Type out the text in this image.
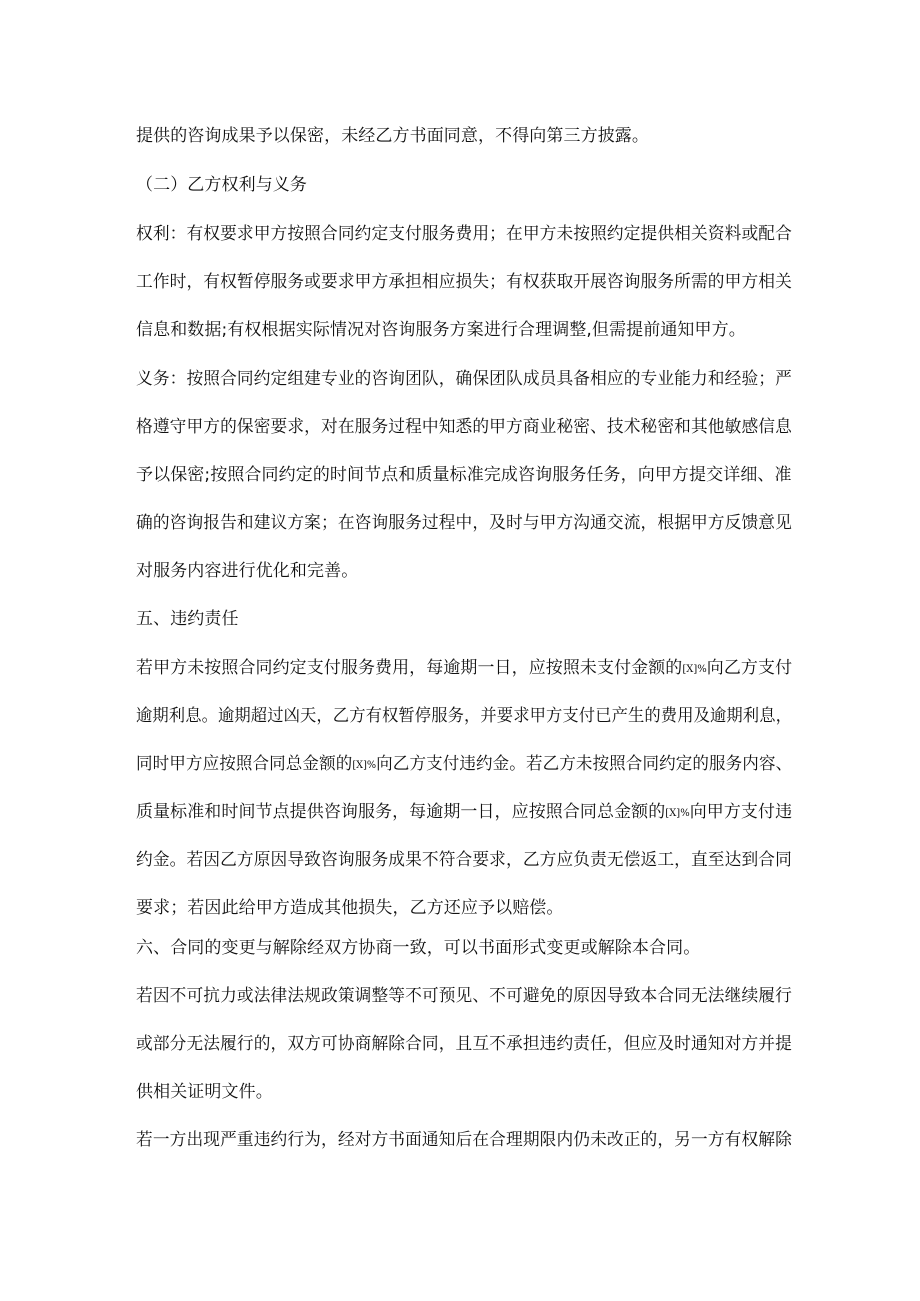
提供的咨询成果予以保密，未经乙方书面同意，不得向第三方披露。
（二）乙方权利与义务
权利：有权要求甲方按照合同约定支付服务费用；在甲方未按照约定提供相关资料或配合
工作时，有权暂停服务或要求甲方承担相应损失；有权获取开展咨询服务所需的甲方相关
信息和数据;有权根据实际情况对咨询服务方案进行合理调整,但需提前通知甲方。
义务：按照合同约定组建专业的咨询团队，确保团队成员具备相应的专业能力和经验；严
格遵守甲方的保密要求，对在服务过程中知悉的甲方商业秘密、技术秘密和其他敏感信息
予以保密;按照合同约定的时间节点和质量标准完成咨询服务任务，向甲方提交详细、准
确的咨询报告和建议方案；在咨询服务过程中，及时与甲方沟通交流，根据甲方反馈意见
对服务内容进行优化和完善。
五、违约责任
若甲方未按照合同约定支付服务费用，每逾期一日，应按照未支付金额的[X]%向乙方支付
逾期利息。逾期超过凶天，乙方有权暂停服务，并要求甲方支付已产生的费用及逾期利息，
同时甲方应按照合同总金额的[X]%向乙方支付违约金。若乙方未按照合同约定的服务内容、
质量标准和时间节点提供咨询服务，每逾期一日，应按照合同总金额的[X]%向甲方支付违
约金。若因乙方原因导致咨询服务成果不符合要求，乙方应负责无偿返工，直至达到合同
要求；若因此给甲方造成其他损失，乙方还应予以赔偿。
六、合同的变更与解除经双方协商一致，可以书面形式变更或解除本合同。
若因不可抗力或法律法规政策调整等不可预见、不可避免的原因导致本合同无法继续履行
或部分无法履行的，双方可协商解除合同，且互不承担违约责任，但应及时通知对方并提
供相关证明文件。
若一方出现严重违约行为，经对方书面通知后在合理期限内仍未改正的，另一方有权解除
